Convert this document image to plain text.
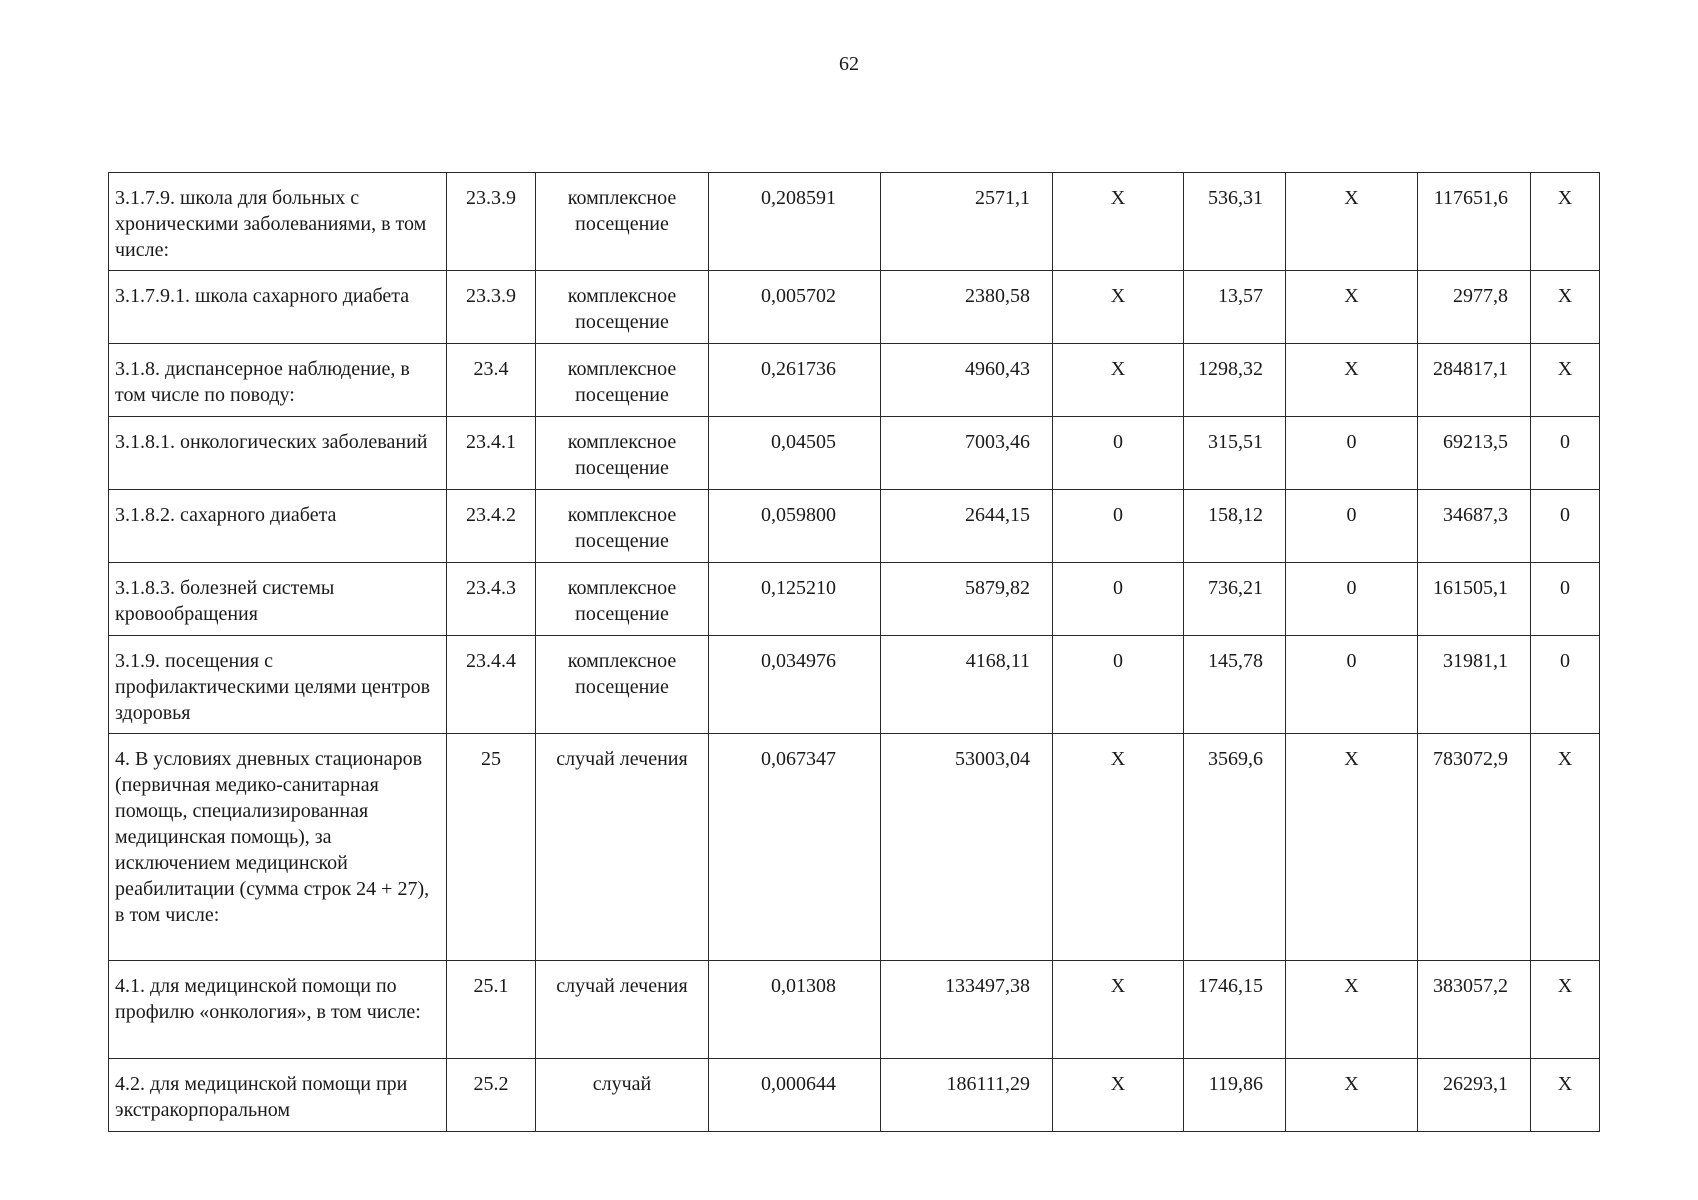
62
3.1.7.9. школа для больных с хроническими заболеваниями, в том числе:	23.3.9	комплексное посещение	0,208591	2571,1	X	536,31	X	117651,6	X
3.1.7.9.1. школа сахарного диабета	23.3.9	комплексное посещение	0,005702	2380,58	X	13,57	X	2977,8	X
3.1.8. диспансерное наблюдение, в том числе по поводу:	23.4	комплексное посещение	0,261736	4960,43	X	1298,32	X	284817,1	X
3.1.8.1. онкологических заболеваний	23.4.1	комплексное посещение	0,04505	7003,46	0	315,51	0	69213,5	0
3.1.8.2. сахарного диабета	23.4.2	комплексное посещение	0,059800	2644,15	0	158,12	0	34687,3	0
3.1.8.3. болезней системы кровообращения	23.4.3	комплексное посещение	0,125210	5879,82	0	736,21	0	161505,1	0
3.1.9. посещения с профилактическими целями центров здоровья	23.4.4	комплексное посещение	0,034976	4168,11	0	145,78	0	31981,1	0
4. В условиях дневных стационаров (первичная медико-санитарная помощь, специализированная медицинская помощь), за исключением медицинской реабилитации (сумма строк 24 + 27), в том числе:	25	случай лечения	0,067347	53003,04	X	3569,6	X	783072,9	X
4.1. для медицинской помощи по профилю «онкология», в том числе:	25.1	случай лечения	0,01308	133497,38	X	1746,15	X	383057,2	X
4.2. для медицинской помощи при экстракорпоральном	25.2	случай	0,000644	186111,29	X	119,86	X	26293,1	X
